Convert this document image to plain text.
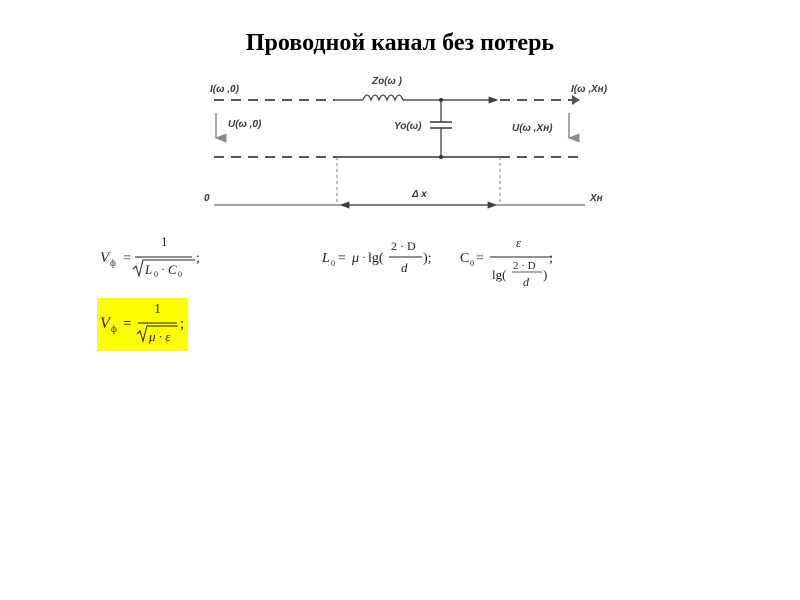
Проводной канал без потерь
I(ω ,0)
U(ω ,0)
Zo(ω )
Yo(ω)
I(ω ,Xн)
U(ω ,Xн)
0	Δ x	Xн
V ф =
1
L 0 · C 0
;	L 0 = μ · lg(
2 · D
d
); C 0 =
ε
lg(
2 · D
d )
;
V ф =
1
μ · ε
;
